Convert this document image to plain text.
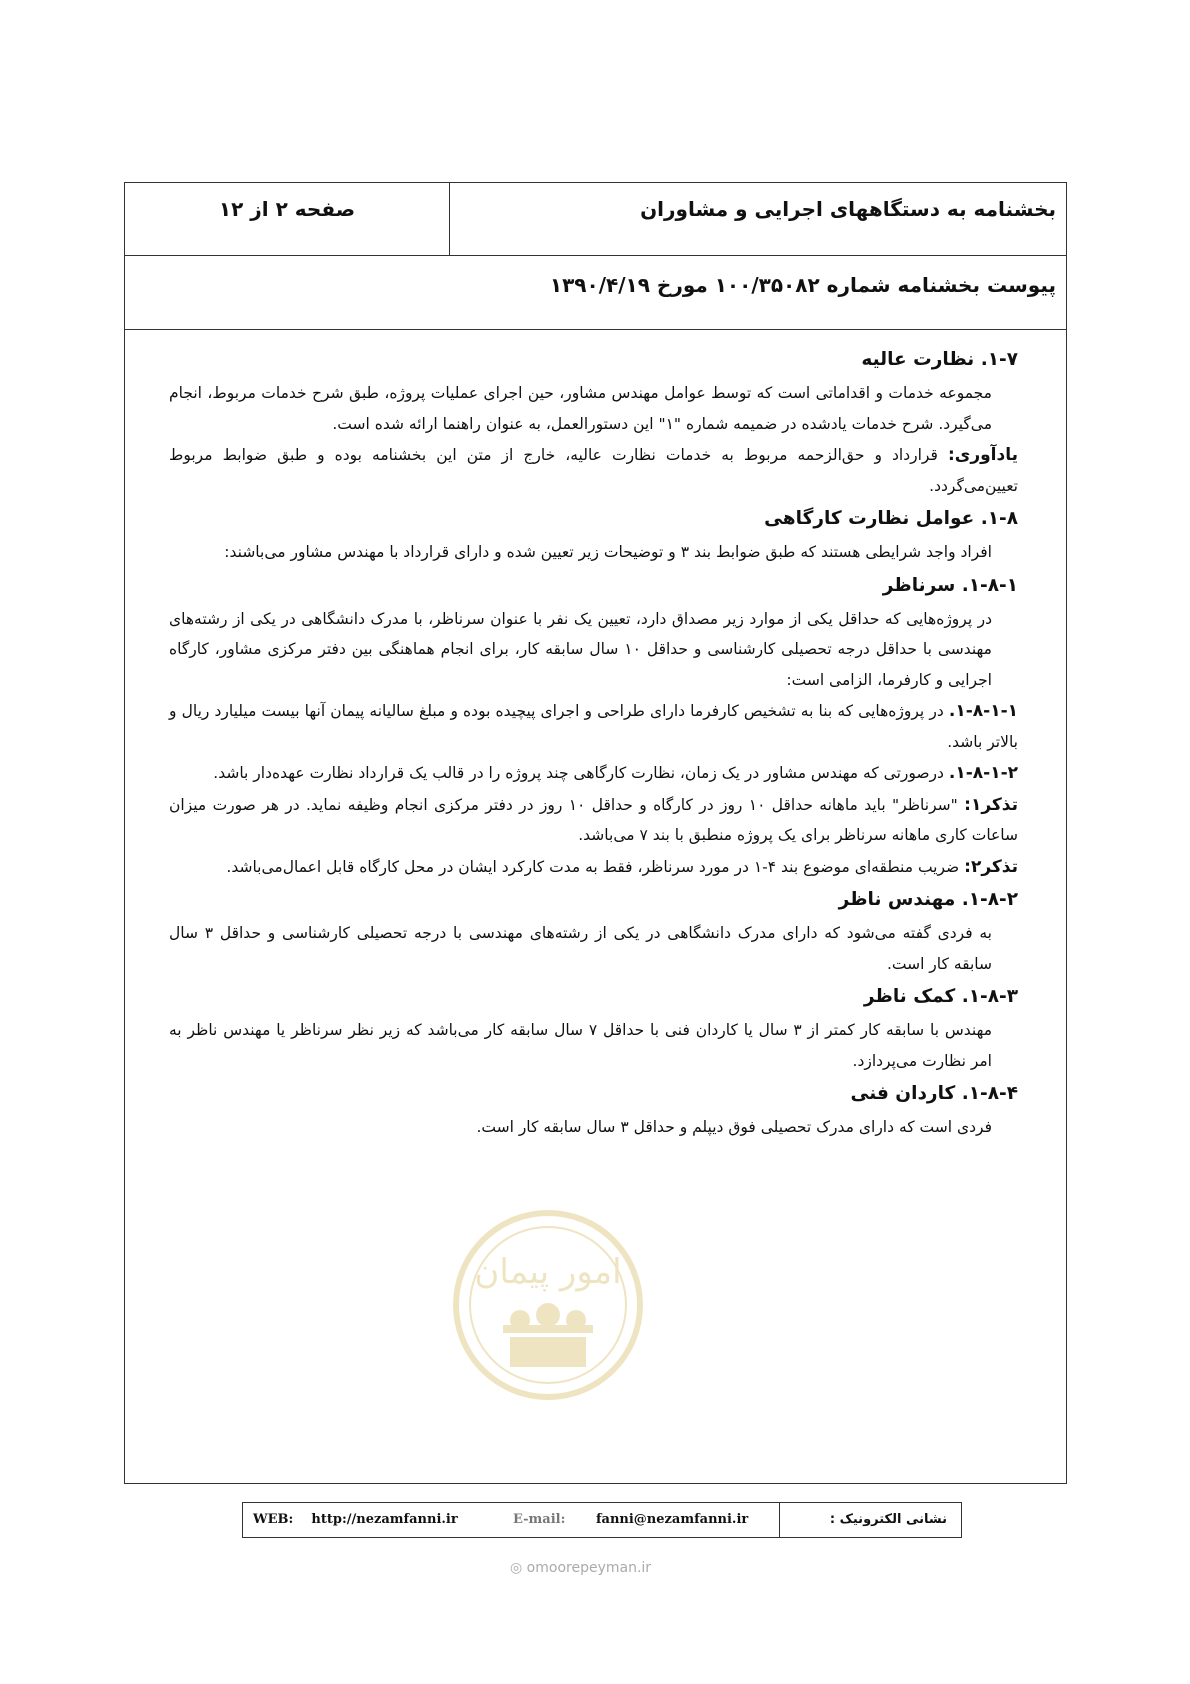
بخشنامه به دستگاههای اجرایی و مشاوران
صفحه ۲ از ۱۲
پیوست بخشنامه شماره ۱۰۰/۳۵۰۸۲ مورخ ۱۳۹۰/۴/۱۹

۱-۷. نظارت عالیه

مجموعه خدمات و اقداماتی است که توسط عوامل مهندس مشاور، حین اجرای عملیات پروژه، طبق شرح خدمات مربوط، انجام می‌گیرد. شرح خدمات یادشده در ضمیمه شماره "۱" این دستورالعمل، به عنوان راهنما ارائه شده است.

یادآوری: قرارداد و حق‌الزحمه مربوط به خدمات نظارت عالیه، خارج از متن این بخشنامه بوده و طبق ضوابط مربوط تعیین‌می‌گردد.

۱-۸. عوامل نظارت کارگاهی

افراد واجد شرایطی هستند که طبق ضوابط بند ۳ و توضیحات زیر تعیین شده و دارای قرارداد با مهندس مشاور می‌باشند:

۱-۸-۱. سرناظر

در پروژه‌هایی که حداقل یکی از موارد زیر مصداق دارد، تعیین یک نفر با عنوان سرناظر، با مدرک دانشگاهی در یکی از رشته‌های مهندسی با حداقل درجه تحصیلی کارشناسی و حداقل ۱۰ سال سابقه کار، برای انجام هماهنگی بین دفتر مرکزی مشاور، کارگاه اجرایی و کارفرما، الزامی است:

۱-۸-۱-۱. در پروژه‌هایی که بنا به تشخیص کارفرما دارای طراحی و اجرای پیچیده بوده و مبلغ سالیانه پیمان آنها بیست میلیارد ریال و بالاتر باشد.

۱-۸-۱-۲. درصورتی که مهندس مشاور در یک زمان، نظارت کارگاهی چند پروژه را در قالب یک قرارداد نظارت عهده‌دار باشد.

تذکر۱: "سرناظر" باید ماهانه حداقل ۱۰ روز در کارگاه و حداقل ۱۰ روز در دفتر مرکزی انجام وظیفه نماید. در هر صورت میزان ساعات کاری ماهانه سرناظر برای یک پروژه منطبق با بند ۷ می‌باشد.

تذکر۲: ضریب منطقه‌ای موضوع بند ۴-۱ در مورد سرناظر، فقط به مدت کارکرد ایشان در محل کارگاه قابل اعمال‌می‌باشد.

۱-۸-۲. مهندس ناظر

به فردی گفته می‌شود که دارای مدرک دانشگاهی در یکی از رشته‌های مهندسی با درجه تحصیلی کارشناسی و حداقل ۳ سال سابقه کار است.

۱-۸-۳. کمک ناظر

مهندس با سابقه کار کمتر از ۳ سال یا کاردان فنی با حداقل ۷ سال سابقه کار می‌باشد که زیر نظر سرناظر یا مهندس ناظر به امر نظارت می‌پردازد.

۱-۸-۴. کاردان فنی

فردی است که دارای مدرک تحصیلی فوق دیپلم و حداقل ۳ سال سابقه کار است.

امور پیمان
WEB: http://nezamfanni.ir	E-mail: fanni@nezamfanni.ir	نشانی الکترونیک :
◎ omoorepeyman.ir
